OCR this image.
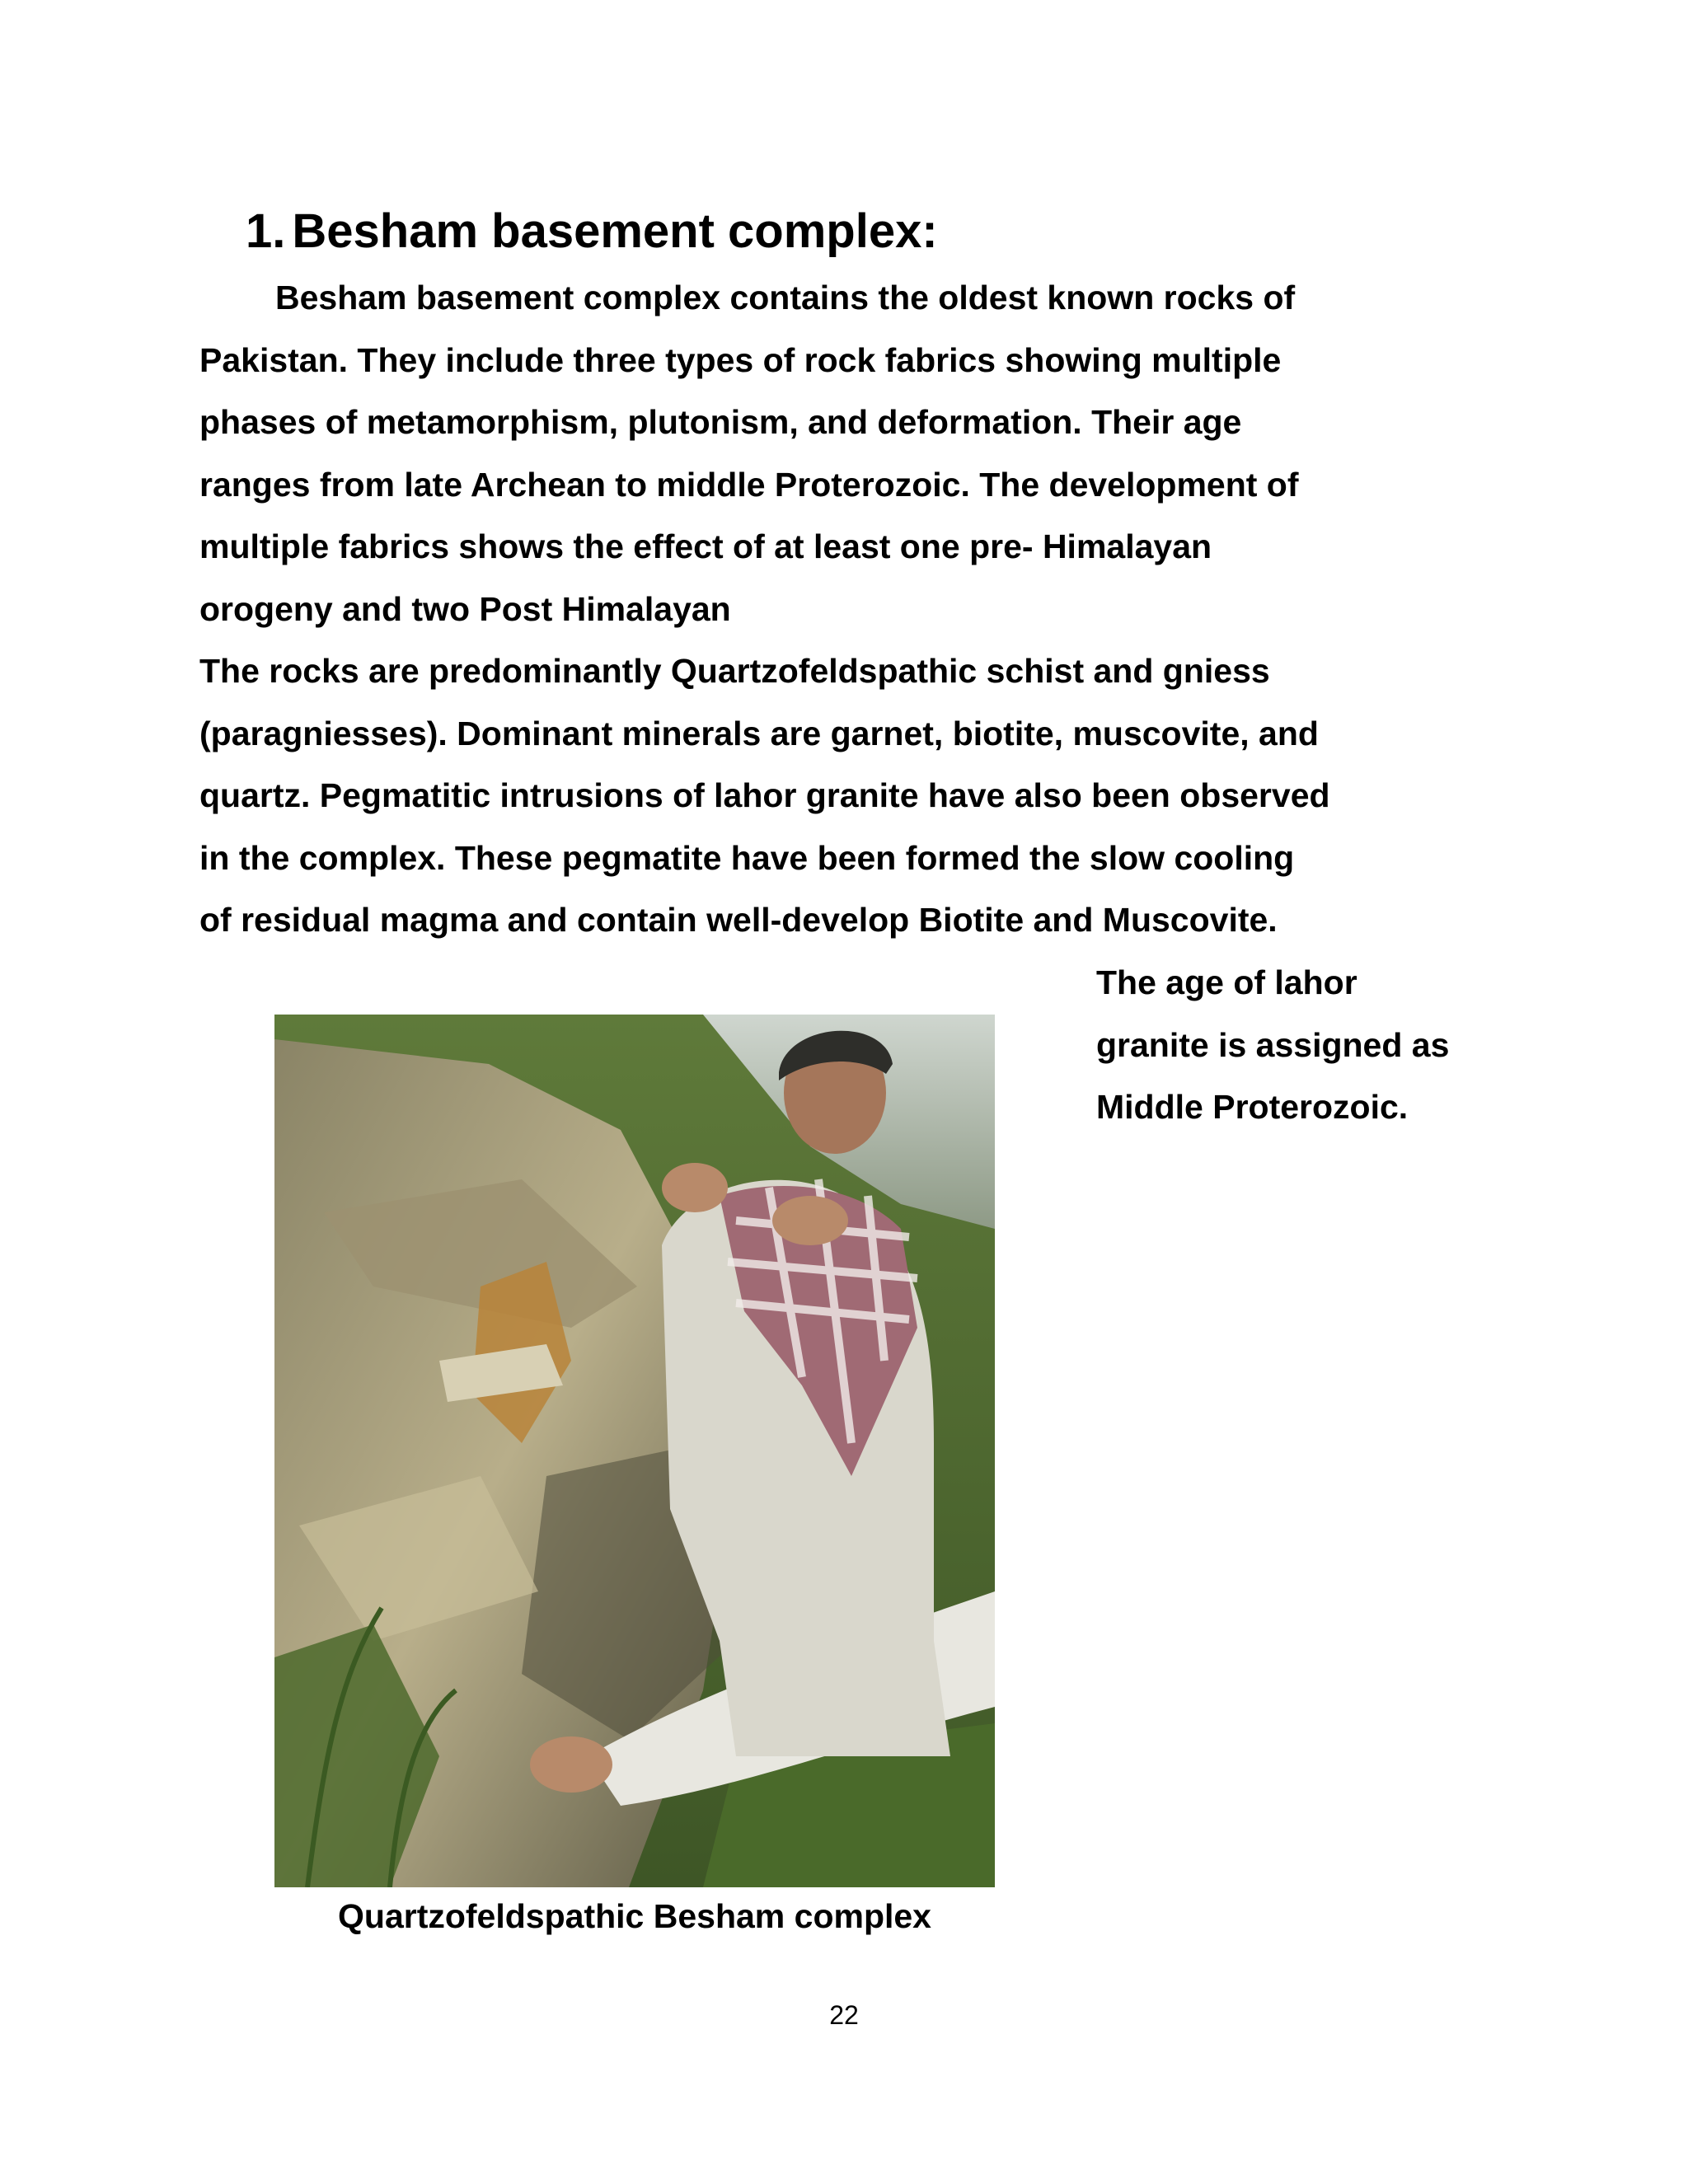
1. Besham basement complex:
Besham basement complex contains the oldest known rocks of
Pakistan. They include three types of rock fabrics showing multiple
phases of metamorphism, plutonism, and deformation. Their age
ranges from late Archean to middle Proterozoic. The development of
multiple fabrics shows the effect of at least one pre- Himalayan
orogeny and two Post Himalayan
The rocks are predominantly Quartzofeldspathic schist and gniess
(paragniesses). Dominant minerals are garnet, biotite, muscovite, and
quartz. Pegmatitic intrusions of lahor granite have also been observed
in the complex. These pegmatite have been formed the slow cooling
of residual magma and contain well-develop Biotite and Muscovite.
The age of lahor
granite is assigned as
Middle Proterozoic.
Quartzofeldspathic Besham complex
22
